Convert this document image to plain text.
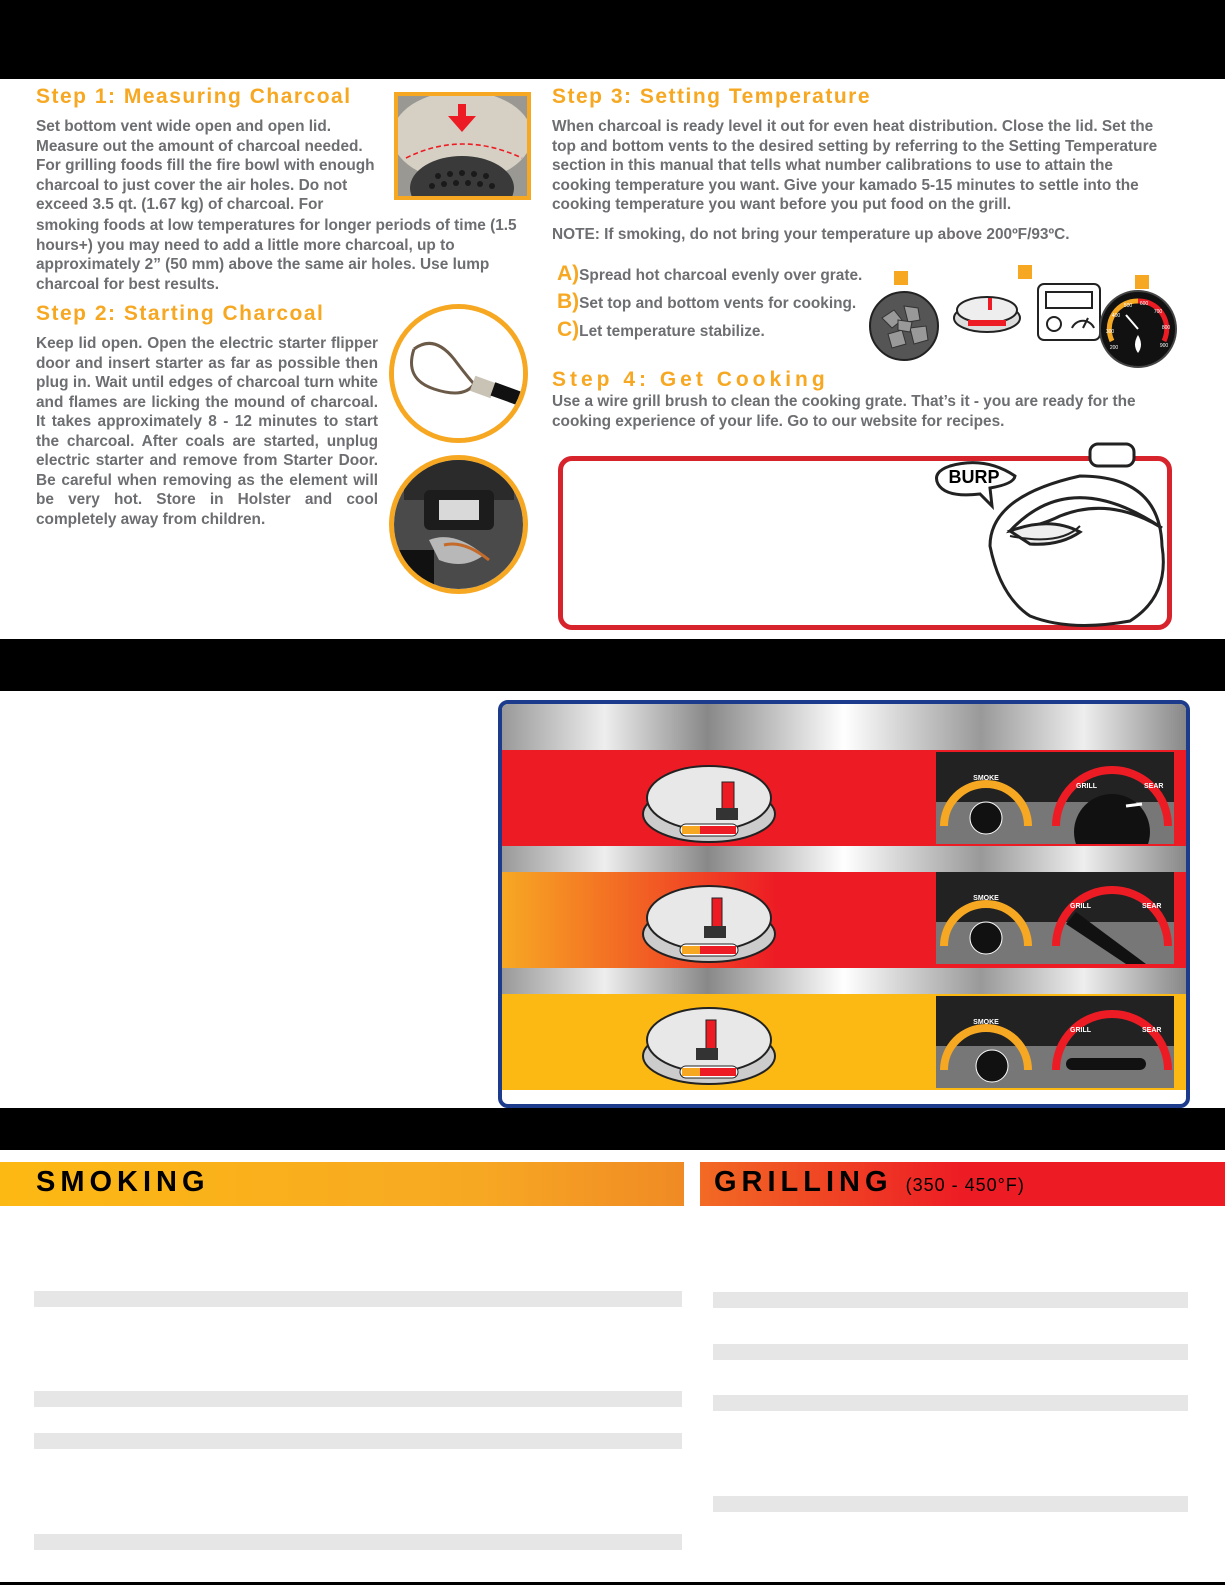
Step 1: Measuring Charcoal
Set bottom vent wide open and open lid. Measure out the amount of charcoal needed. For grilling foods fill the fire bowl with enough charcoal to just cover the air holes. Do not exceed 3.5 qt. (1.67 kg) of charcoal. For
smoking foods at low temperatures for longer periods of time (1.5 hours+) you may need to add a little more charcoal, up to approximately 2” (50 mm) above the same air holes. Use lump charcoal for best results.
Step 2: Starting Charcoal
Keep lid open. Open the electric starter flipper door and insert starter as far as possible then plug in. Wait until edges of charcoal turn white and flames are licking the mound of charcoal. It takes approximately 8 - 12 minutes to start the charcoal. After coals are started, unplug electric starter and remove from Starter Door. Be careful when removing as the element will be very hot. Store in Holster and cool completely away from children.
Step 3: Setting Temperature
When charcoal is ready level it out for even heat distribution. Close the lid. Set the top and bottom vents to the desired setting by referring to the Setting Temperature section in this manual that tells what number calibrations to use to attain the cooking temperature you want. Give your kamado 5-15 minutes to settle into the cooking temperature you want before you put food on the grill.
NOTE: If smoking, do not bring your temperature up above 200ºF/93ºC.
A)Spread hot charcoal evenly over grate.
B)Set top and bottom vents for cooking.
C)Let temperature stabilize.
200
300
400
500 600
700
800
900
Step 4: Get Cooking
Use a wire grill brush to clean the cooking grate. That’s it - you are ready for the cooking experience of your life. Go to our website for recipes.
BURP
SMOKE
GRILL	SEAR
SMOKE
GRILL	SEAR
SMOKE
GRILL	SEAR
SMOKING	GRILLING (350 - 450°F)
